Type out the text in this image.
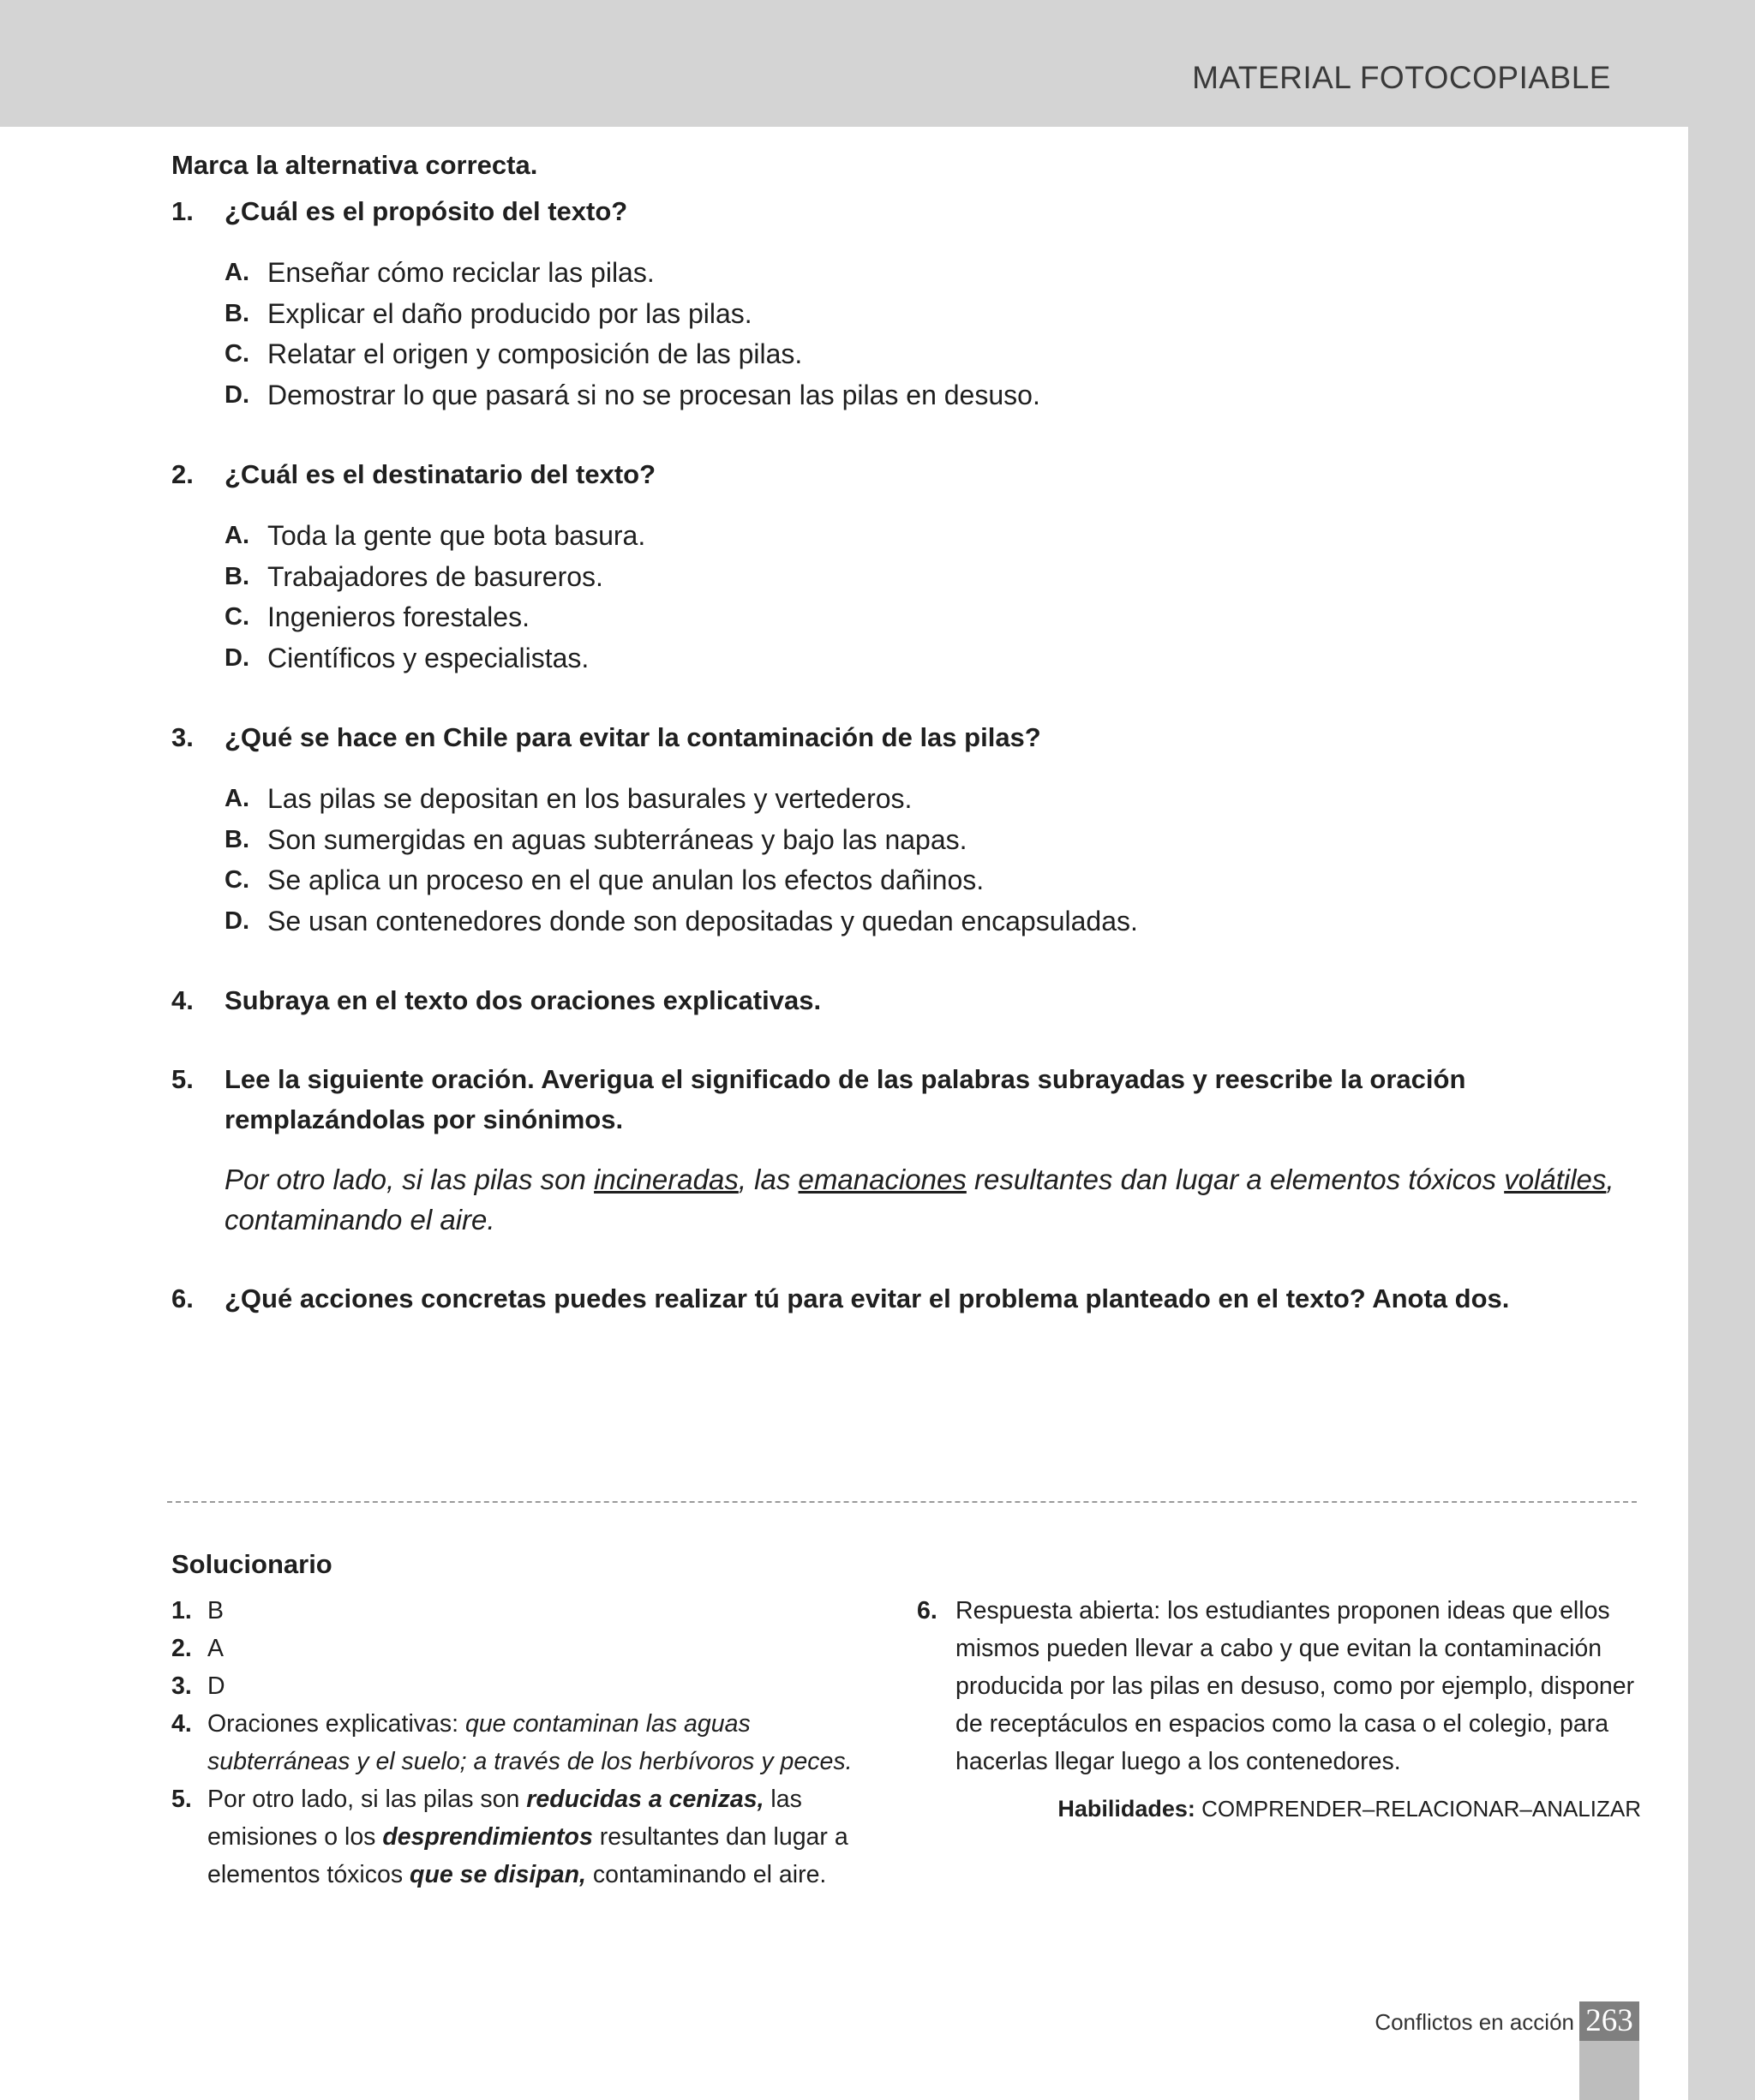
MATERIAL FOTOCOPIABLE
Marca la alternativa correcta.
1. ¿Cuál es el propósito del texto?
A. Enseñar cómo reciclar las pilas.
B. Explicar el daño producido por las pilas.
C. Relatar el origen y composición de las pilas.
D. Demostrar lo que pasará si no se procesan las pilas en desuso.
2. ¿Cuál es el destinatario del texto?
A. Toda la gente que bota basura.
B. Trabajadores de basureros.
C. Ingenieros forestales.
D. Científicos y especialistas.
3. ¿Qué se hace en Chile para evitar la contaminación de las pilas?
A. Las pilas se depositan en los basurales y vertederos.
B. Son sumergidas en aguas subterráneas y bajo las napas.
C. Se aplica un proceso en el que anulan los efectos dañinos.
D. Se usan contenedores donde son depositadas y quedan encapsuladas.
4. Subraya en el texto dos oraciones explicativas.
5. Lee la siguiente oración. Averigua el significado de las palabras subrayadas y reescribe la oración remplazándolas por sinónimos.
Por otro lado, si las pilas son incineradas, las emanaciones resultantes dan lugar a elementos tóxicos volátiles, contaminando el aire.
6. ¿Qué acciones concretas puedes realizar tú para evitar el problema planteado en el texto? Anota dos.
Solucionario
1. B
2. A
3. D
4. Oraciones explicativas: que contaminan las aguas subterráneas y el suelo; a través de los herbívoros y peces.
5. Por otro lado, si las pilas son reducidas a cenizas, las emisiones o los desprendimientos resultantes dan lugar a elementos tóxicos que se disipan, contaminando el aire.
6. Respuesta abierta: los estudiantes proponen ideas que ellos mismos pueden llevar a cabo y que evitan la contaminación producida por las pilas en desuso, como por ejemplo, disponer de receptáculos en espacios como la casa o el colegio, para hacerlas llegar luego a los contenedores.
Habilidades: COMPRENDER–RELACIONAR–ANALIZAR
Conflictos en acción 263
